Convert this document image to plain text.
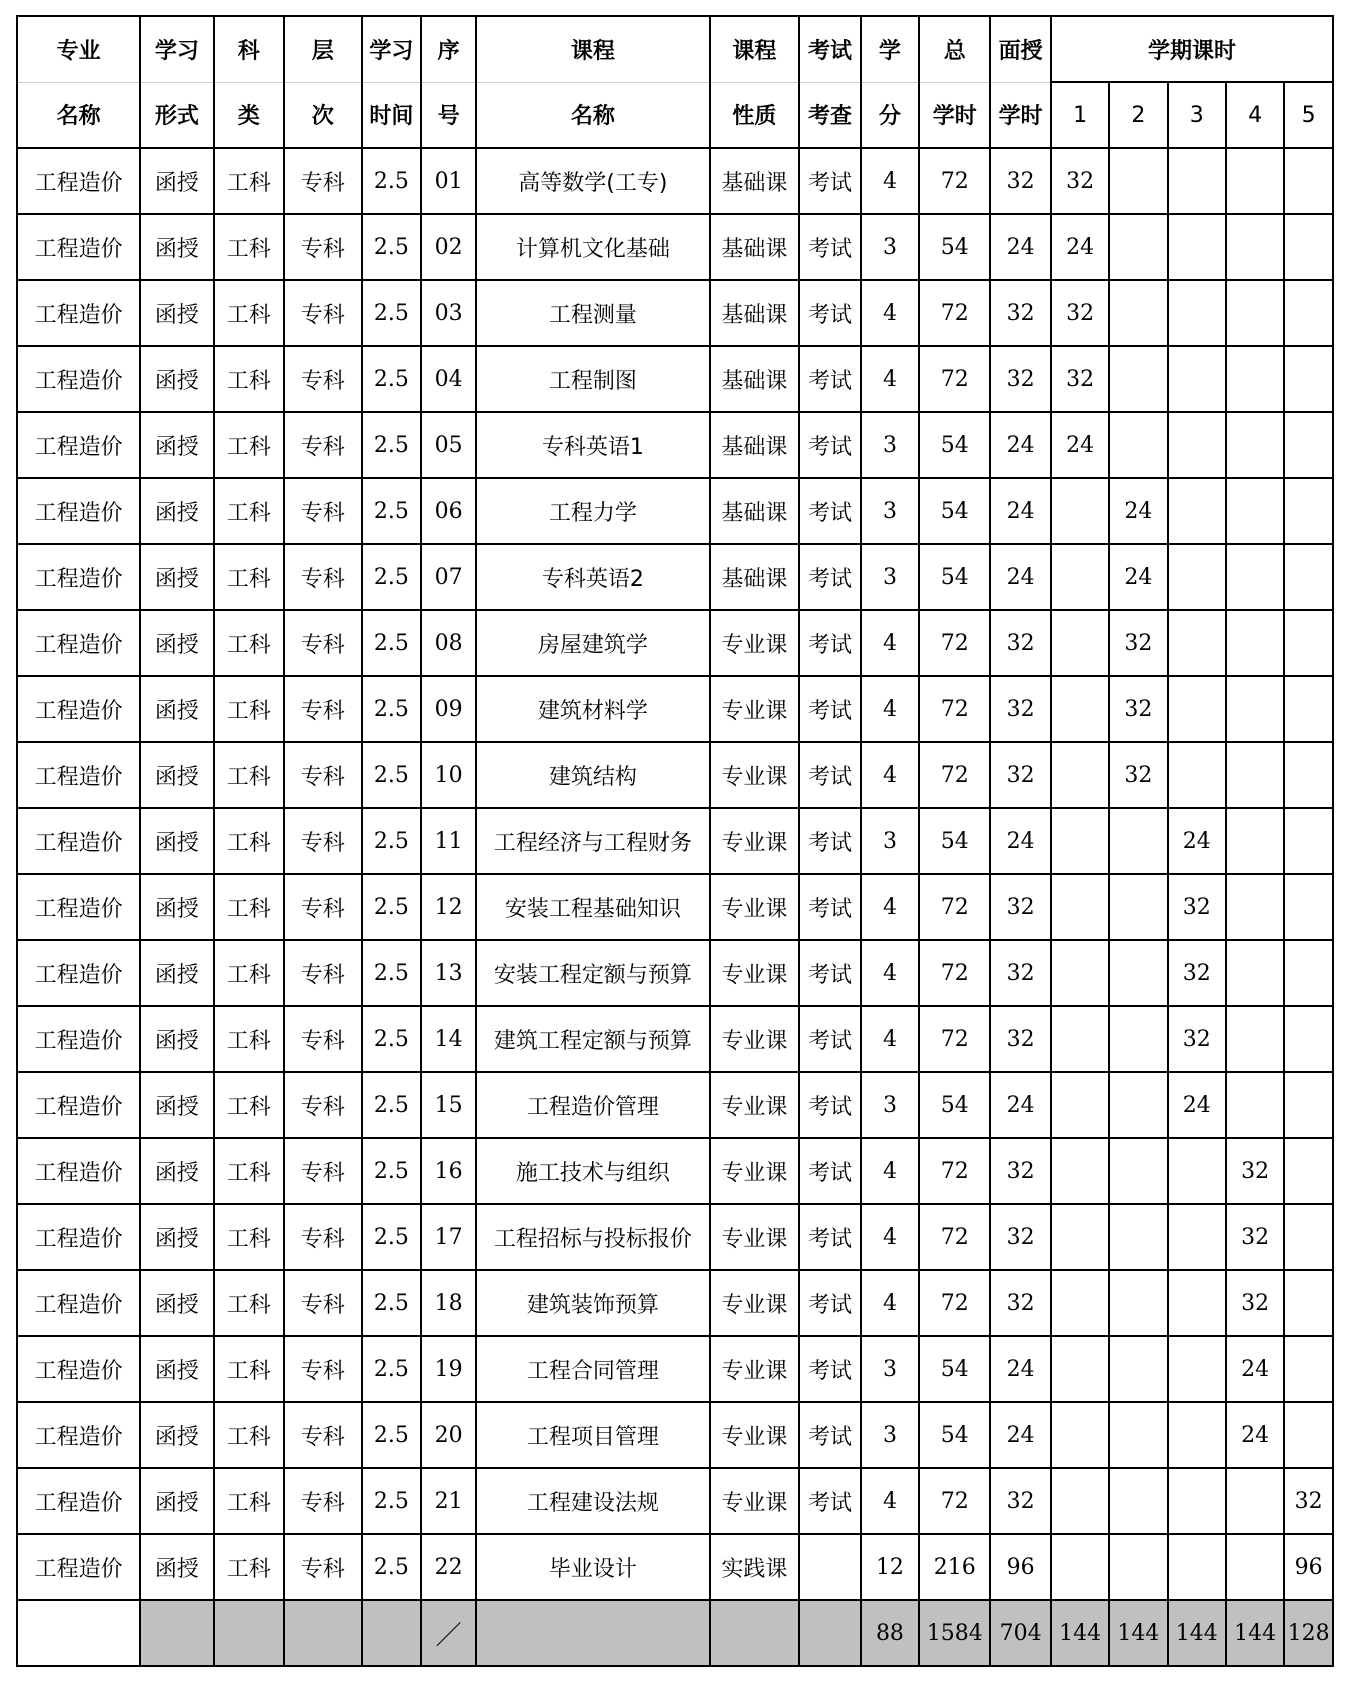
专业	学习	科	层	学习	序	课程	课程	考试	学	总	面授	学期课时				
名称	形式	类	次	时间	号	名称	性质	考查	分	学时	学时	1	2	3	4	5
工程造价	函授	工科	专科	2.5	01	高等数学(工专)	基础课	考试	4	72	32	32				
工程造价	函授	工科	专科	2.5	02	计算机文化基础	基础课	考试	3	54	24	24				
工程造价	函授	工科	专科	2.5	03	工程测量	基础课	考试	4	72	32	32				
工程造价	函授	工科	专科	2.5	04	工程制图	基础课	考试	4	72	32	32				
工程造价	函授	工科	专科	2.5	05	专科英语1	基础课	考试	3	54	24	24				
工程造价	函授	工科	专科	2.5	06	工程力学	基础课	考试	3	54	24		24			
工程造价	函授	工科	专科	2.5	07	专科英语2	基础课	考试	3	54	24		24			
工程造价	函授	工科	专科	2.5	08	房屋建筑学	专业课	考试	4	72	32		32			
工程造价	函授	工科	专科	2.5	09	建筑材料学	专业课	考试	4	72	32		32			
工程造价	函授	工科	专科	2.5	10	建筑结构	专业课	考试	4	72	32		32			
工程造价	函授	工科	专科	2.5	11	工程经济与工程财务	专业课	考试	3	54	24			24		
工程造价	函授	工科	专科	2.5	12	安装工程基础知识	专业课	考试	4	72	32			32		
工程造价	函授	工科	专科	2.5	13	安装工程定额与预算	专业课	考试	4	72	32			32		
工程造价	函授	工科	专科	2.5	14	建筑工程定额与预算	专业课	考试	4	72	32			32		
工程造价	函授	工科	专科	2.5	15	工程造价管理	专业课	考试	3	54	24			24		
工程造价	函授	工科	专科	2.5	16	施工技术与组织	专业课	考试	4	72	32				32	
工程造价	函授	工科	专科	2.5	17	工程招标与投标报价	专业课	考试	4	72	32				32	
工程造价	函授	工科	专科	2.5	18	建筑装饰预算	专业课	考试	4	72	32				32	
工程造价	函授	工科	专科	2.5	19	工程合同管理	专业课	考试	3	54	24				24	
工程造价	函授	工科	专科	2.5	20	工程项目管理	专业课	考试	3	54	24				24	
工程造价	函授	工科	专科	2.5	21	工程建设法规	专业课	考试	4	72	32					32
工程造价	函授	工科	专科	2.5	22	毕业设计	实践课		12	216	96					96
					／				88	1584	704	144	144	144	144	128
